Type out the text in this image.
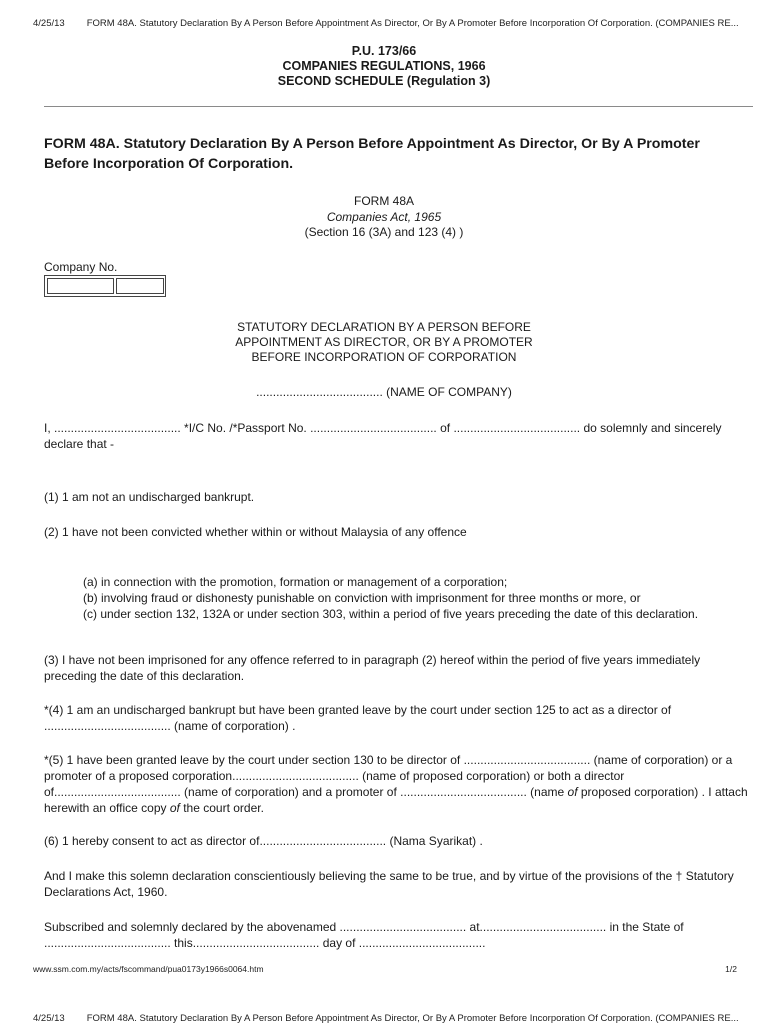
4/25/13 FORM 48A. Statutory Declaration By A Person Before Appointment As Director, Or By A Promoter Before Incorporation Of Corporation. (COMPANIES RE...
P.U. 173/66
COMPANIES REGULATIONS, 1966
SECOND SCHEDULE (Regulation 3)
FORM 48A. Statutory Declaration By A Person Before Appointment As Director, Or By A Promoter Before Incorporation Of Corporation.
FORM 48A
Companies Act, 1965
(Section 16 (3A) and 123 (4) )
Company No.
STATUTORY DECLARATION BY A PERSON BEFORE
APPOINTMENT AS DIRECTOR, OR BY A PROMOTER
BEFORE INCORPORATION OF CORPORATION
...................................... (NAME OF COMPANY)
I, ...................................... *I/C No. /*Passport No. ...................................... of ...................................... do solemnly and sincerely declare that -
(1) 1 am not an undischarged bankrupt.
(2) 1 have not been convicted whether within or without Malaysia of any offence
(a) in connection with the promotion, formation or management of a corporation;
(b) involving fraud or dishonesty punishable on conviction with imprisonment for three months or more, or
(c) under section 132, 132A or under section 303, within a period of five years preceding the date of this declaration.
(3) I have not been imprisoned for any offence referred to in paragraph (2) hereof within the period of five years immediately preceding the date of this declaration.
*(4) 1 am an undischarged bankrupt but have been granted leave by the court under section 125 to act as a director of ...................................... (name of corporation) .
*(5) 1 have been granted leave by the court under section 130 to be director of ...................................... (name of corporation) or a promoter of a proposed corporation...................................... (name of proposed corporation) or both a director of...................................... (name of corporation) and a promoter of ...................................... (name of proposed corporation) . I attach herewith an office copy of the court order.
(6) 1 hereby consent to act as director of...................................... (Nama Syarikat) .
And I make this solemn declaration conscientiously believing the same to be true, and by virtue of the provisions of the † Statutory Declarations Act, 1960.
Subscribed and solemnly declared by the abovenamed ...................................... at...................................... in the State of ...................................... this...................................... day of ......................................
www.ssm.com.my/acts/fscommand/pua0173y1966s0064.htm	1/2
4/25/13 FORM 48A. Statutory Declaration By A Person Before Appointment As Director, Or By A Promoter Before Incorporation Of Corporation. (COMPANIES RE...
